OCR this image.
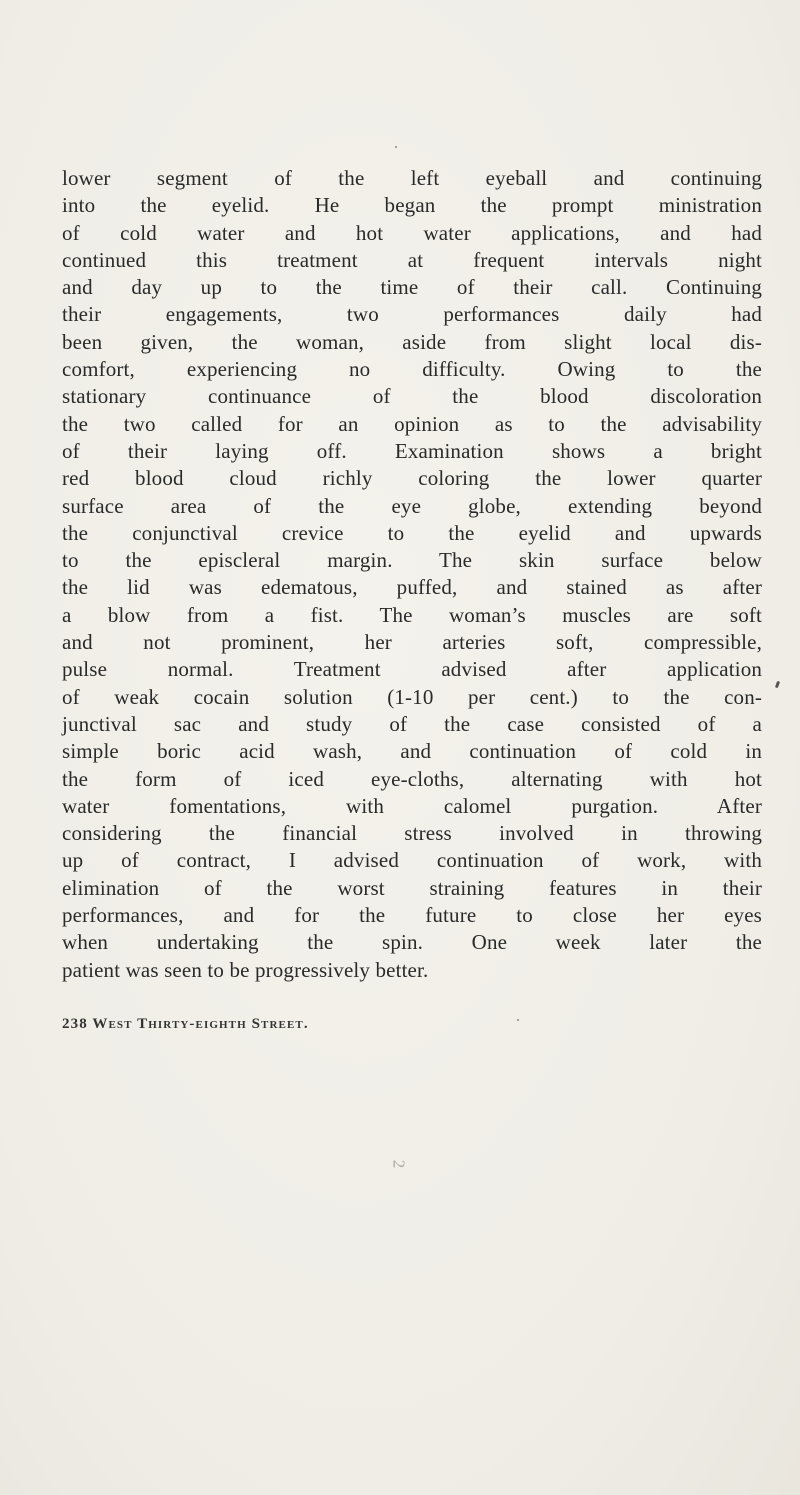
lower segment of the left eyeball and continuing
into the eyelid. He began the prompt ministration
of cold water and hot water applications, and had
continued this treatment at frequent intervals night
and day up to the time of their call. Continuing
their engagements, two performances daily had
been given, the woman, aside from slight local dis-
comfort, experiencing no difficulty. Owing to the
stationary continuance of the blood discoloration
the two called for an opinion as to the advisability
of their laying off. Examination shows a bright
red blood cloud richly coloring the lower quarter
surface area of the eye globe, extending beyond
the conjunctival crevice to the eyelid and upwards
to the episcleral margin. The skin surface below
the lid was edematous, puffed, and stained as after
a blow from a fist. The woman’s muscles are soft
and not prominent, her arteries soft, compressible,
pulse normal. Treatment advised after application
of weak cocain solution (1-10 per cent.) to the con-
junctival sac and study of the case consisted of a
simple boric acid wash, and continuation of cold in
the form of iced eye-cloths, alternating with hot
water fomentations, with calomel purgation. After
considering the financial stress involved in throwing
up of contract, I advised continuation of work, with
elimination of the worst straining features in their
performances, and for the future to close her eyes
when undertaking the spin. One week later the
patient was seen to be progressively better.
238 West Thirty-eighth Street.
2
